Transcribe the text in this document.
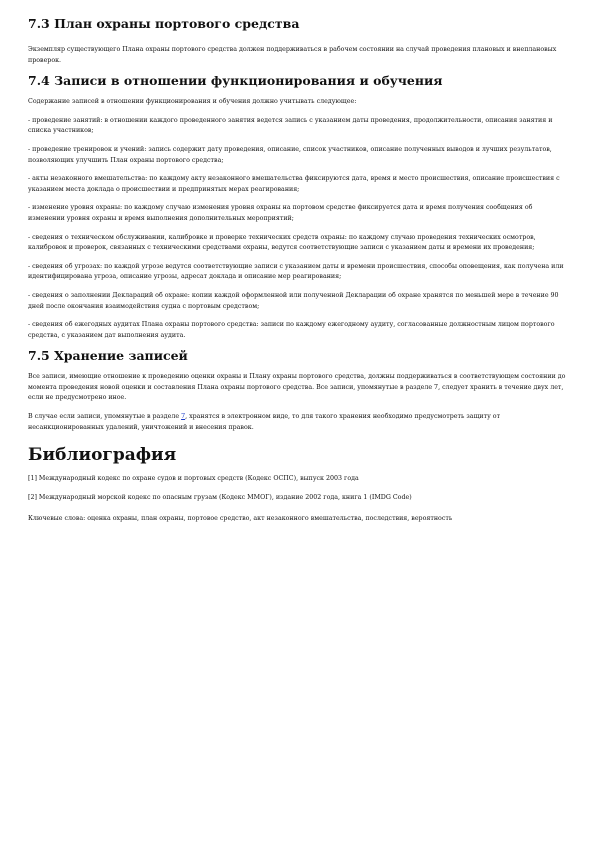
7.3 План охраны портового средства

Экземпляр существующего Плана охраны портового средства должен поддерживаться в рабочем состоянии на случай проведения плановых и внеплановых проверок.

7.4 Записи в отношении функционирования и обучения

Содержание записей в отношении функционирования и обучения должно учитывать следующее:

- проведение занятий: в отношении каждого проведенного занятия ведется запись с указанием даты проведения, продолжительности, описания занятия и списка участников;

- проведение тренировок и учений: запись содержит дату проведения, описание, список участников, описание полученных выводов и лучших результатов, позволяющих улучшить План охраны портового средства;

- акты незаконного вмешательства: по каждому акту незаконного вмешательства фиксируются дата, время и место происшествия, описание происшествия с указанием места доклада о происшествии и предпринятых мерах реагирования;

- изменение уровня охраны: по каждому случаю изменения уровня охраны на портовом средстве фиксируется дата и время получения сообщения об изменении уровня охраны и время выполнения дополнительных мероприятий;

- сведения о техническом обслуживании, калибровке и проверке технических средств охраны: по каждому случаю проведения технических осмотров, калибровок и проверок, связанных с техническими средствами охраны, ведутся соответствующие записи с указанием даты и времени их проведения;

- сведения об угрозах: по каждой угрозе ведутся соответствующие записи с указанием даты и времени происшествия, способы оповещения, как получена или идентифицирована угроза, описание угрозы, адресат доклада и описание мер реагирования;

- сведения о заполнении Деклараций об охране: копии каждой оформленной или полученной Декларации об охране хранятся по меньшей мере в течение 90 дней после окончания взаимодействия судна с портовым средством;

- сведения об ежегодных аудитах Плана охраны портового средства: записи по каждому ежегодному аудиту, согласованные должностным лицом портового средства, с указанием дат выполнения аудита.

7.5 Хранение записей

Все записи, имеющие отношение к проведению оценки охраны и Плану охраны портового средства, должны поддерживаться в соответствующем состоянии до момента проведения новой оценки и составления Плана охраны портового средства. Все записи, упомянутые в разделе 7, следует хранить в течение двух лет, если не предусмотрено иное.

В случае если записи, упомянутые в разделе 7, хранятся в электронном виде, то для такого хранения необходимо предусмотреть защиту от несанкционированных удалений, уничтожений и внесения правок.

Библиография

[1] Международный кодекс по охране судов и портовых средств (Кодекс ОСПС), выпуск 2003 года

[2] Международный морской кодекс по опасным грузам (Кодекс ММОГ), издание 2002 года, книга 1 (IMDG Code)

Ключевые слова: оценка охраны, план охраны, портовое средство, акт незаконного вмешательства, последствия, вероятность
